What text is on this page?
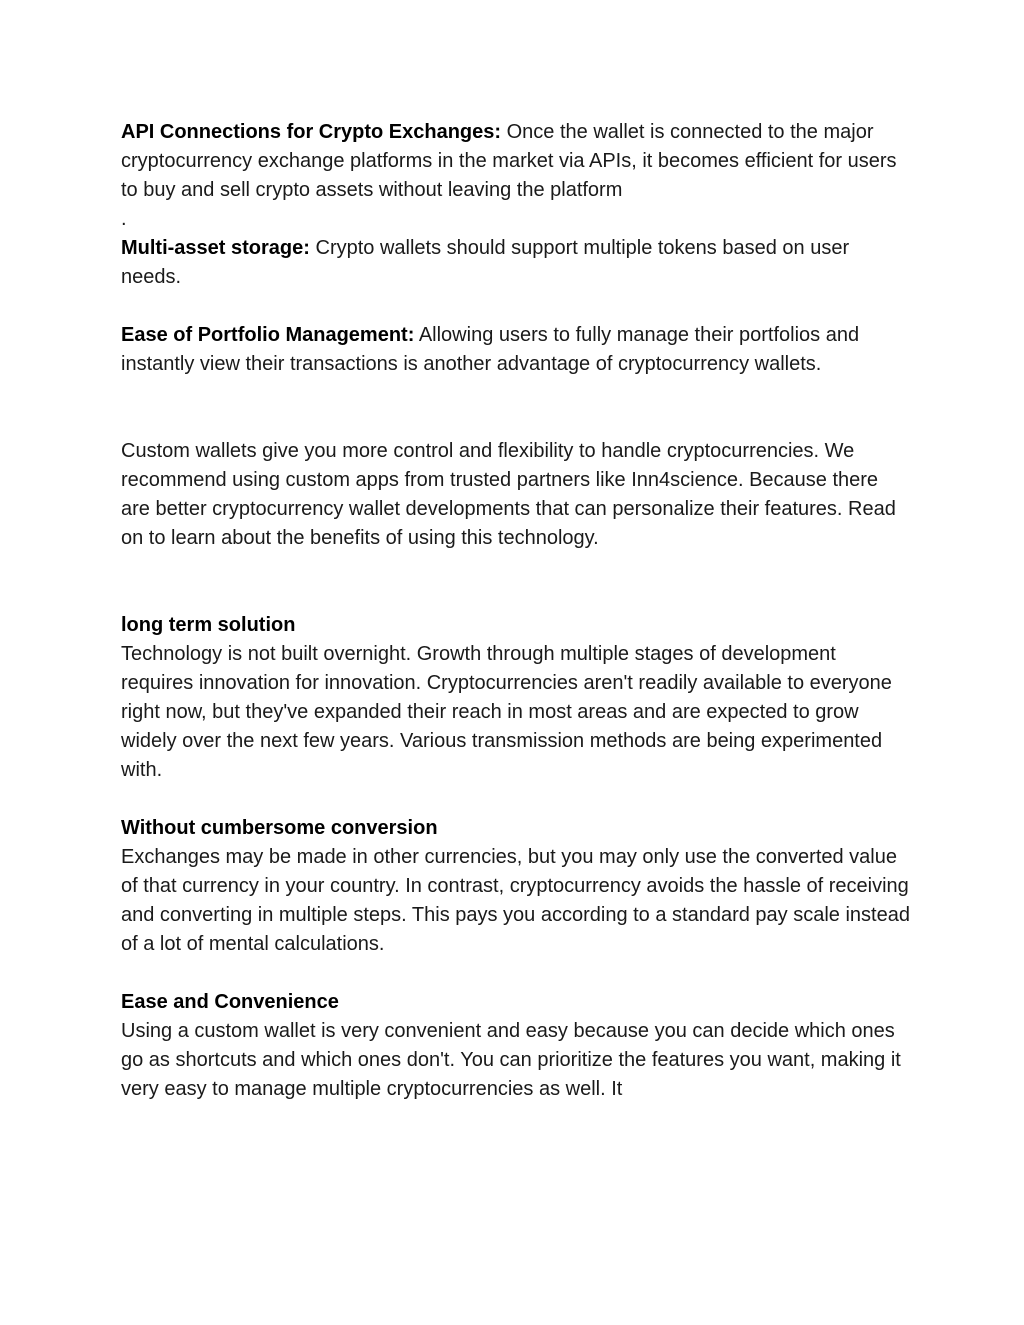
API Connections for Crypto Exchanges: Once the wallet is connected to the major cryptocurrency exchange platforms in the market via APIs, it becomes efficient for users to buy and sell crypto assets without leaving the platform

.

Multi-asset storage: Crypto wallets should support multiple tokens based on user needs.

Ease of Portfolio Management: Allowing users to fully manage their portfolios and instantly view their transactions is another advantage of cryptocurrency wallets.

Custom wallets give you more control and flexibility to handle cryptocurrencies. We recommend using custom apps from trusted partners like Inn4science. Because there are better cryptocurrency wallet developments that can personalize their features. Read on to learn about the benefits of using this technology.

long term solution

Technology is not built overnight. Growth through multiple stages of development requires innovation for innovation. Cryptocurrencies aren't readily available to everyone right now, but they've expanded their reach in most areas and are expected to grow widely over the next few years. Various transmission methods are being experimented with.

Without cumbersome conversion

Exchanges may be made in other currencies, but you may only use the converted value of that currency in your country. In contrast, cryptocurrency avoids the hassle of receiving and converting in multiple steps. This pays you according to a standard pay scale instead of a lot of mental calculations.

Ease and Convenience

Using a custom wallet is very convenient and easy because you can decide which ones go as shortcuts and which ones don't. You can prioritize the features you want, making it very easy to manage multiple cryptocurrencies as well. It
